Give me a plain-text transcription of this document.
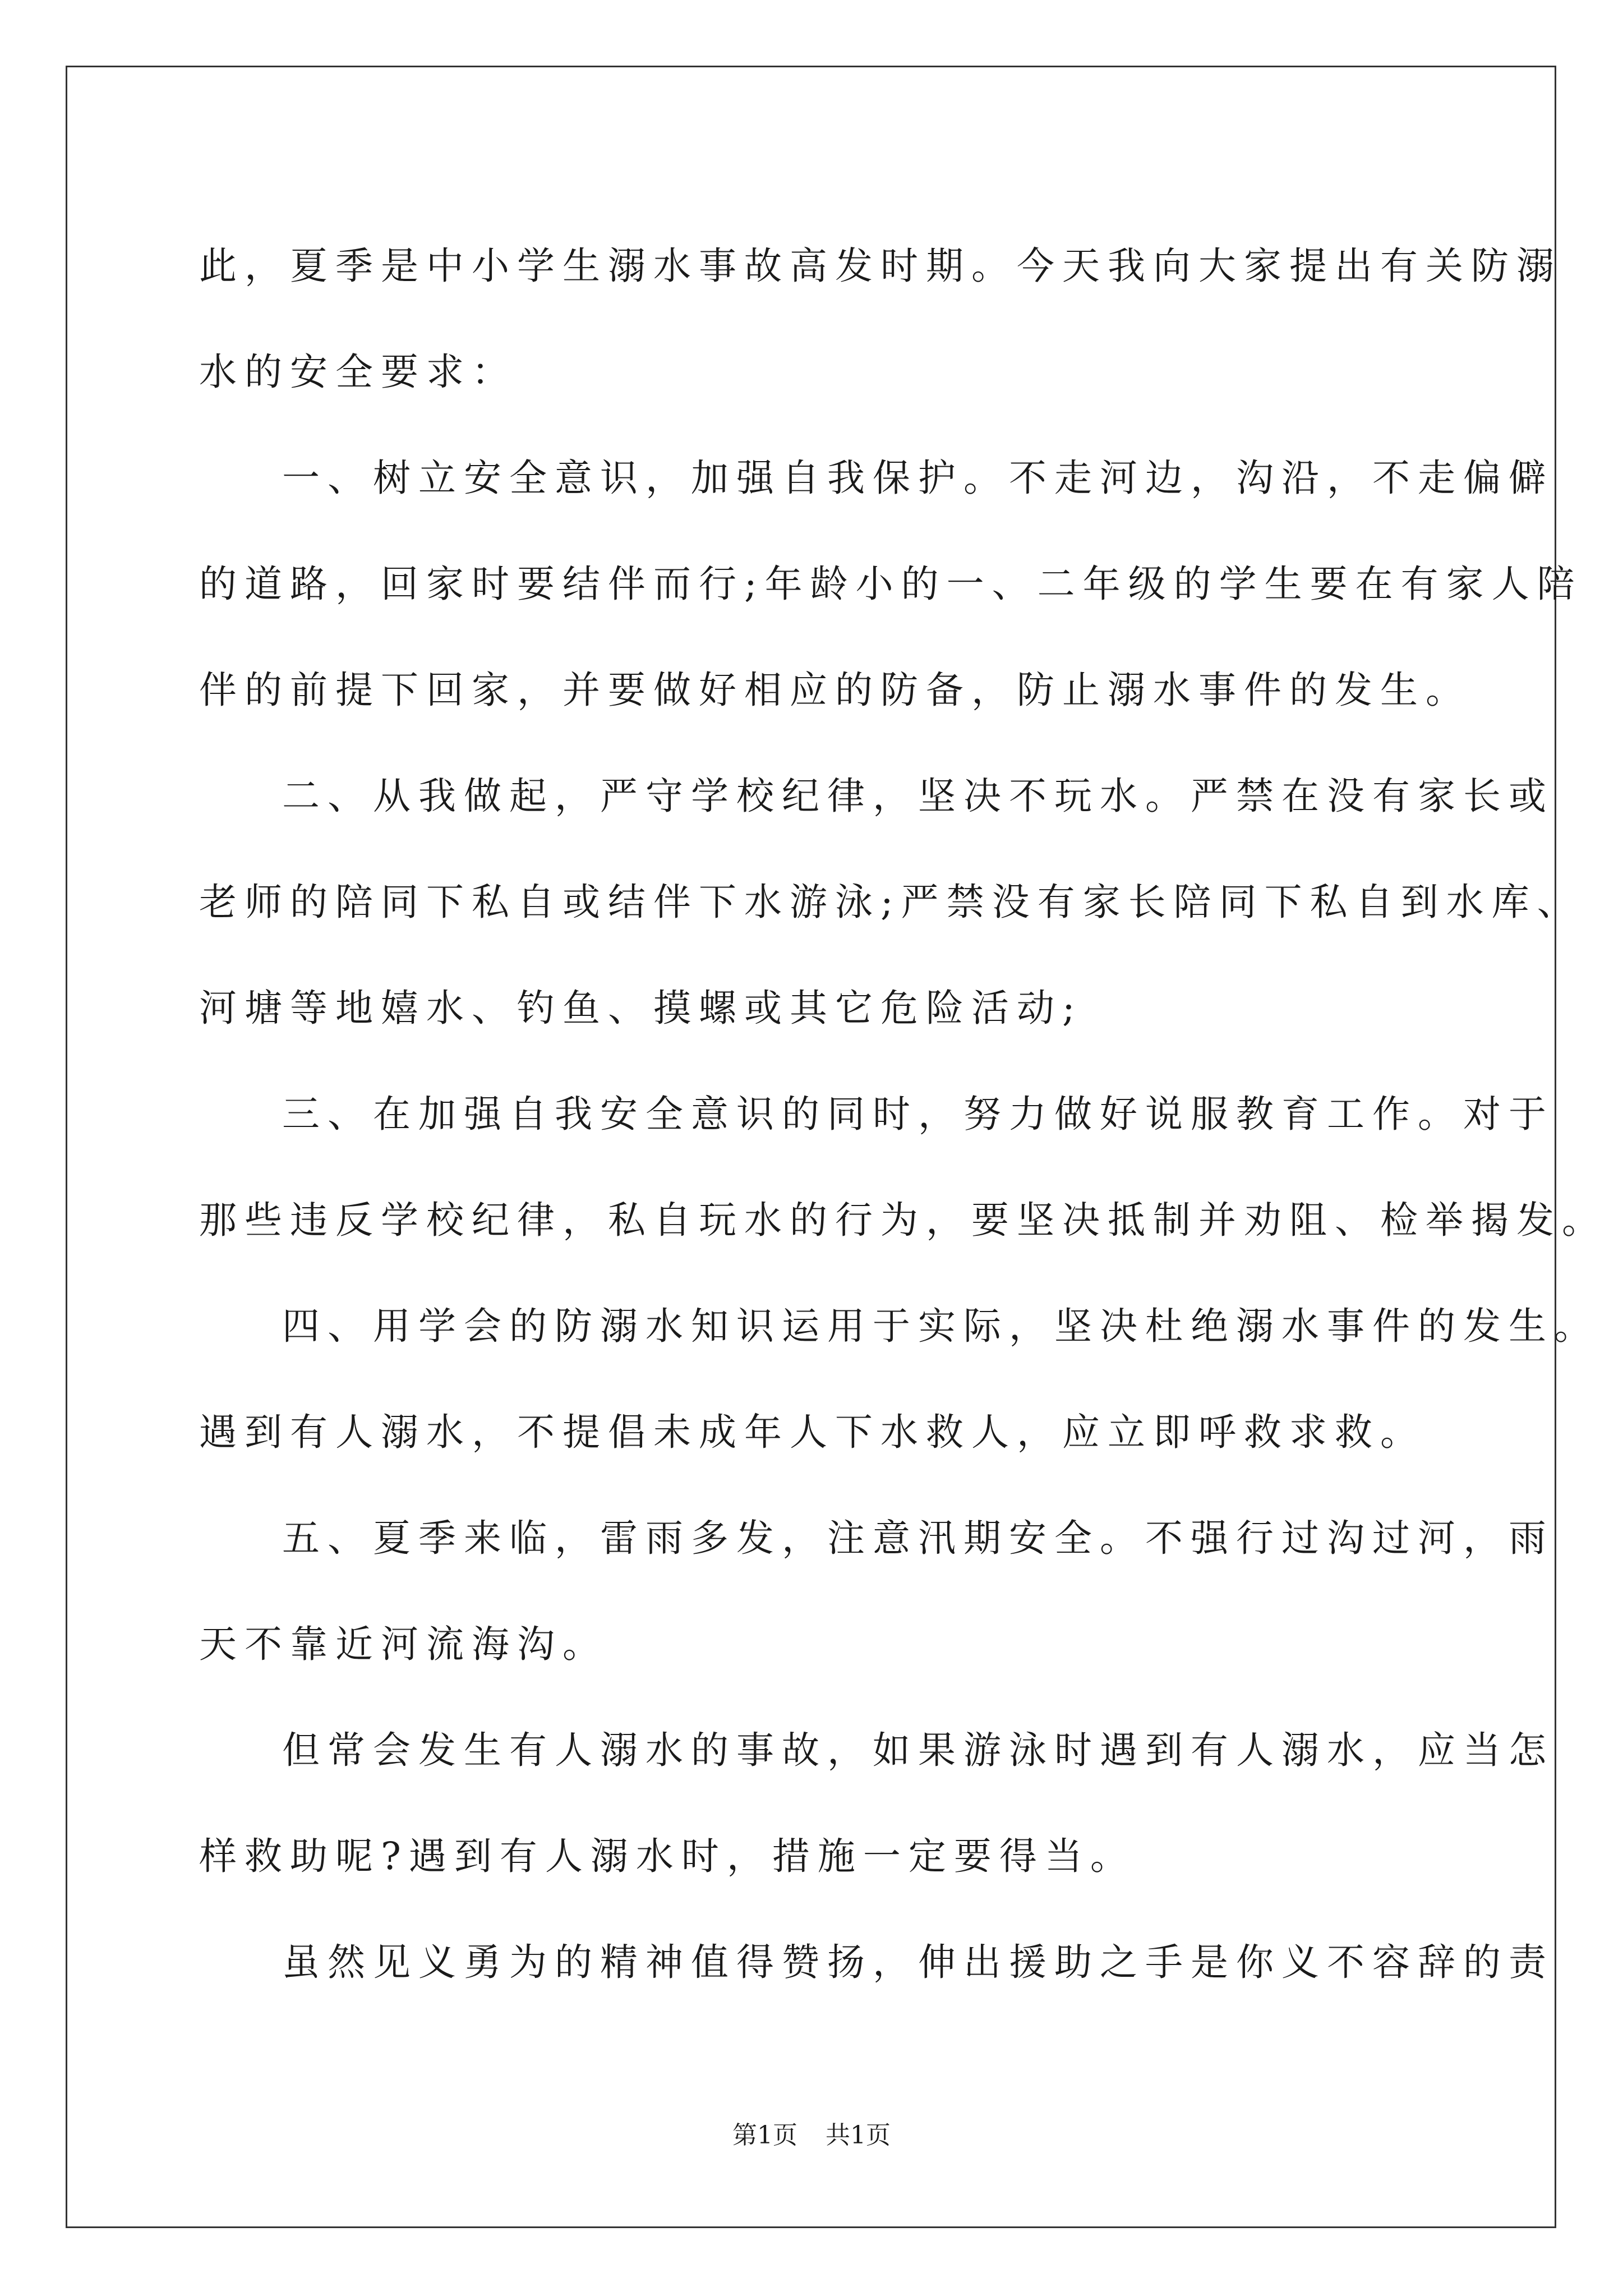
此，夏季是中小学生溺水事故高发时期。今天我向大家提出有关防溺

水的安全要求：

一、树立安全意识，加强自我保护。不走河边，沟沿，不走偏僻

的道路，回家时要结伴而行;年龄小的一、二年级的学生要在有家人陪

伴的前提下回家，并要做好相应的防备，防止溺水事件的发生。

二、从我做起，严守学校纪律，坚决不玩水。严禁在没有家长或

老师的陪同下私自或结伴下水游泳;严禁没有家长陪同下私自到水库、

河塘等地嬉水、钓鱼、摸螺或其它危险活动;

三、在加强自我安全意识的同时，努力做好说服教育工作。对于

那些违反学校纪律，私自玩水的行为，要坚决抵制并劝阻、检举揭发。

四、用学会的防溺水知识运用于实际，坚决杜绝溺水事件的发生。

遇到有人溺水，不提倡未成年人下水救人，应立即呼救求救。

五、夏季来临，雷雨多发，注意汛期安全。不强行过沟过河，雨

天不靠近河流海沟。

但常会发生有人溺水的事故，如果游泳时遇到有人溺水，应当怎

样救助呢?遇到有人溺水时，措施一定要得当。

虽然见义勇为的精神值得赞扬，伸出援助之手是你义不容辞的责

第1页 共1页
